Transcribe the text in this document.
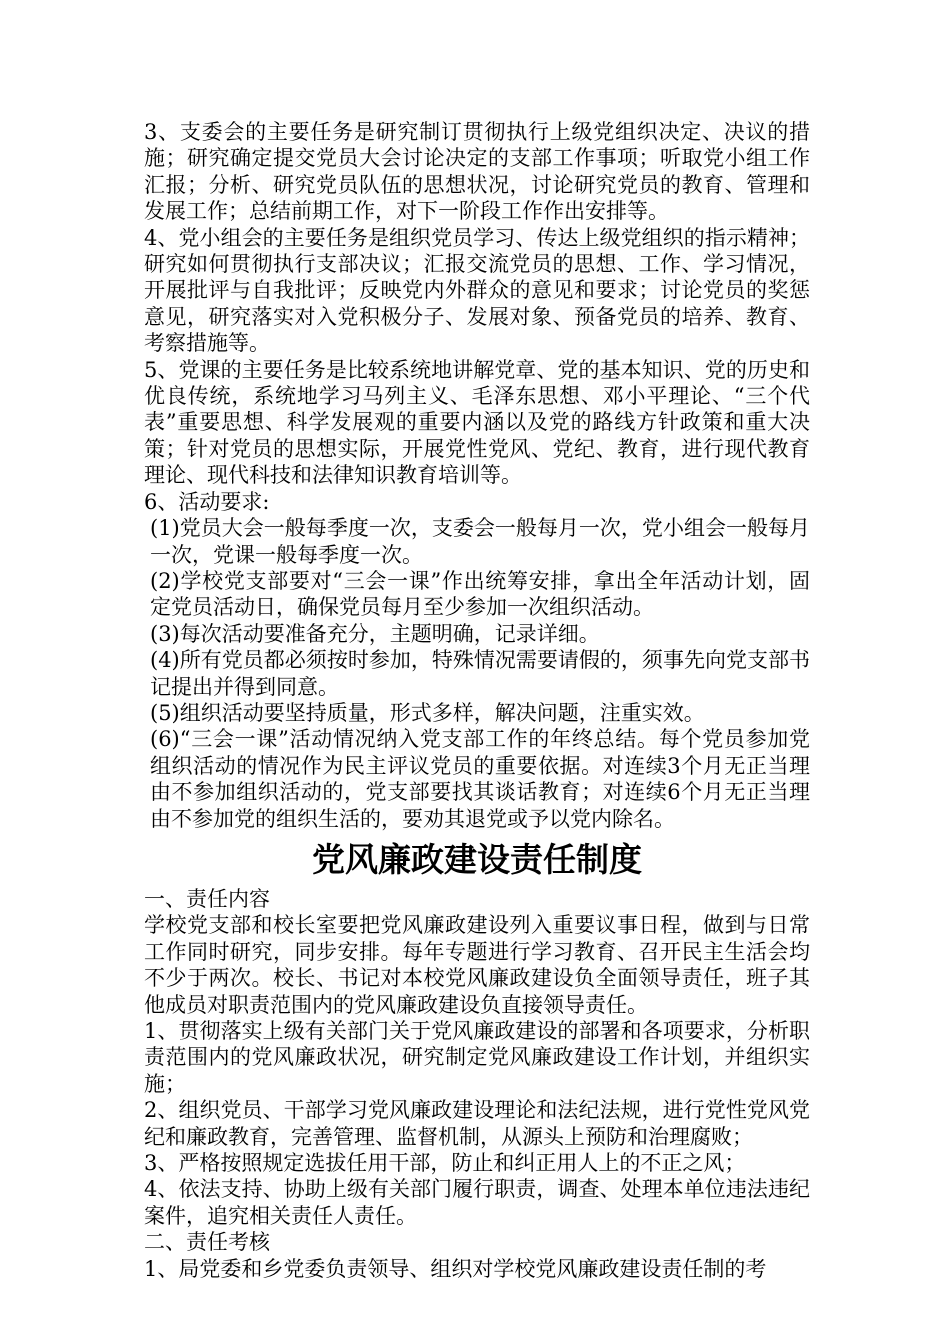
3、支委会的主要任务是研究制订贯彻执行上级党组织决定、决议的措施；研究确定提交党员大会讨论决定的支部工作事项；听取党小组工作汇报；分析、研究党员队伍的思想状况，讨论研究党员的教育、管理和发展工作；总结前期工作，对下一阶段工作作出安排等。

4、党小组会的主要任务是组织党员学习、传达上级党组织的指示精神；研究如何贯彻执行支部决议；汇报交流党员的思想、工作、学习情况，开展批评与自我批评；反映党内外群众的意见和要求；讨论党员的奖惩意见，研究落实对入党积极分子、发展对象、预备党员的培养、教育、考察措施等。

5、党课的主要任务是比较系统地讲解党章、党的基本知识、党的历史和优良传统，系统地学习马列主义、毛泽东思想、邓小平理论、“三个代表”重要思想、科学发展观的重要内涵以及党的路线方针政策和重大决策；针对党员的思想实际，开展党性党风、党纪、教育，进行现代教育理论、现代科技和法律知识教育培训等。

6、活动要求:

(1)党员大会一般每季度一次，支委会一般每月一次，党小组会一般每月一次，党课一般每季度一次。

(2)学校党支部要对“三会一课”作出统筹安排，拿出全年活动计划，固定党员活动日，确保党员每月至少参加一次组织活动。

(3)每次活动要准备充分，主题明确，记录详细。

(4)所有党员都必须按时参加，特殊情况需要请假的，须事先向党支部书记提出并得到同意。

(5)组织活动要坚持质量，形式多样，解决问题，注重实效。

(6)“三会一课”活动情况纳入党支部工作的年终总结。每个党员参加党组织活动的情况作为民主评议党员的重要依据。对连续3个月无正当理由不参加组织活动的，党支部要找其谈话教育；对连续6个月无正当理由不参加党的组织生活的，要劝其退党或予以党内除名。

党风廉政建设责任制度

一、责任内容

学校党支部和校长室要把党风廉政建设列入重要议事日程，做到与日常工作同时研究，同步安排。每年专题进行学习教育、召开民主生活会均不少于两次。校长、书记对本校党风廉政建设负全面领导责任，班子其他成员对职责范围内的党风廉政建设负直接领导责任。

1、贯彻落实上级有关部门关于党风廉政建设的部署和各项要求，分析职责范围内的党风廉政状况，研究制定党风廉政建设工作计划，并组织实施；

2、组织党员、干部学习党风廉政建设理论和法纪法规，进行党性党风党纪和廉政教育，完善管理、监督机制，从源头上预防和治理腐败；

3、严格按照规定选拔任用干部，防止和纠正用人上的不正之风；

4、依法支持、协助上级有关部门履行职责，调查、处理本单位违法违纪案件，追究相关责任人责任。

二、责任考核

1、局党委和乡党委负责领导、组织对学校党风廉政建设责任制的考
